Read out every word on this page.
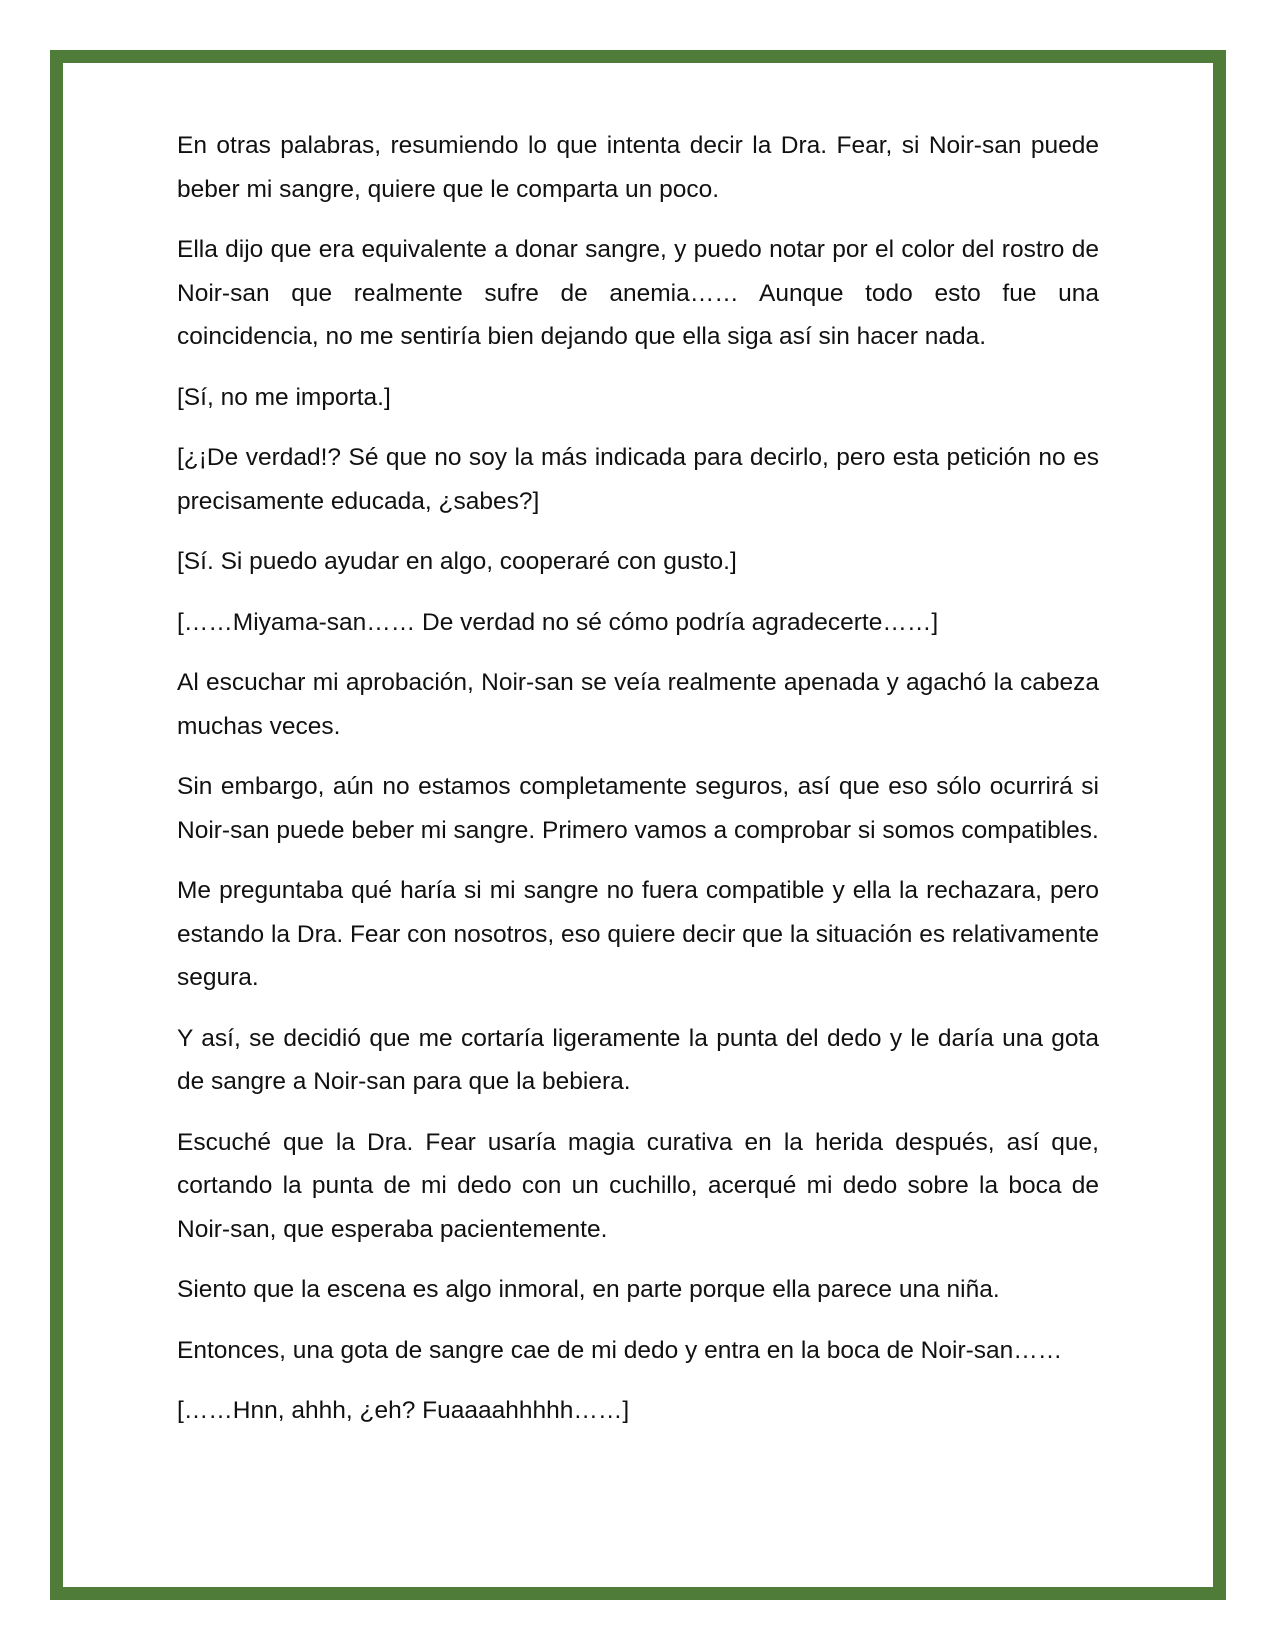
En otras palabras, resumiendo lo que intenta decir la Dra. Fear, si Noir-san puede beber mi sangre, quiere que le comparta un poco.

Ella dijo que era equivalente a donar sangre, y puedo notar por el color del rostro de Noir-san que realmente sufre de anemia…… Aunque todo esto fue una coincidencia, no me sentiría bien dejando que ella siga así sin hacer nada.

[Sí, no me importa.]

[¿¡De verdad!? Sé que no soy la más indicada para decirlo, pero esta petición no es precisamente educada, ¿sabes?]

[Sí. Si puedo ayudar en algo, cooperaré con gusto.]

[……Miyama-san…… De verdad no sé cómo podría agradecerte……]

Al escuchar mi aprobación, Noir-san se veía realmente apenada y agachó la cabeza muchas veces.

Sin embargo, aún no estamos completamente seguros, así que eso sólo ocurrirá si Noir-san puede beber mi sangre. Primero vamos a comprobar si somos compatibles.

Me preguntaba qué haría si mi sangre no fuera compatible y ella la rechazara, pero estando la Dra. Fear con nosotros, eso quiere decir que la situación es relativamente segura.

Y así, se decidió que me cortaría ligeramente la punta del dedo y le daría una gota de sangre a Noir-san para que la bebiera.

Escuché que la Dra. Fear usaría magia curativa en la herida después, así que, cortando la punta de mi dedo con un cuchillo, acerqué mi dedo sobre la boca de Noir-san, que esperaba pacientemente.

Siento que la escena es algo inmoral, en parte porque ella parece una niña.

Entonces, una gota de sangre cae de mi dedo y entra en la boca de Noir-san……

[……Hnn, ahhh, ¿eh? Fuaaaahhhhh……]
